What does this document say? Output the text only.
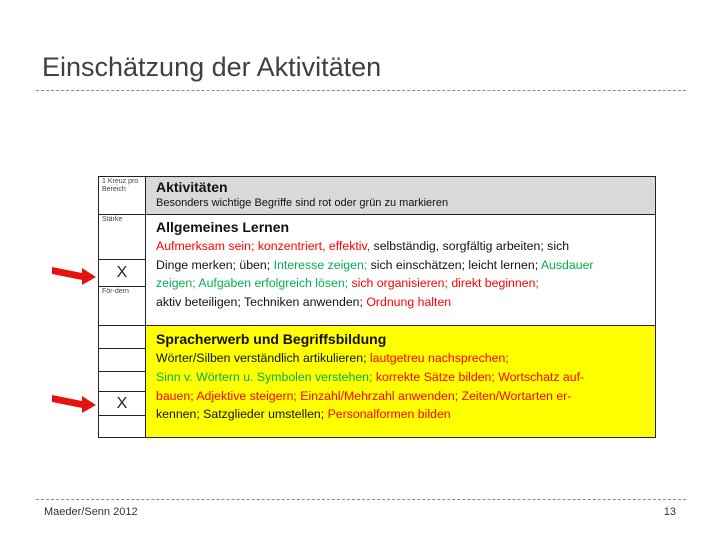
Einschätzung der Aktivitäten
1 Kreuz pro Bereich
Stärke
X
För-dern
X
Aktivitäten
Besonders wichtige Begriffe sind rot oder grün zu markieren
Allgemeines Lernen
Aufmerksam sein; konzentriert, effektiv, selbständig, sorgfältig arbeiten; sich
Dinge merken; üben; Interesse zeigen; sich einschätzen; leicht lernen; Ausdauer
zeigen; Aufgaben erfolgreich lösen; sich organisieren; direkt beginnen;
aktiv beteiligen; Techniken anwenden; Ordnung halten
Spracherwerb und Begriffsbildung
Wörter/Silben verständlich artikulieren; lautgetreu nachsprechen;
Sinn v. Wörtern u. Symbolen verstehen; korrekte Sätze bilden; Wortschatz auf-
bauen; Adjektive steigern; Einzahl/Mehrzahl anwenden; Zeiten/Wortarten er-
kennen; Satzglieder umstellen; Personalformen bilden
Maeder/Senn 2012	13
